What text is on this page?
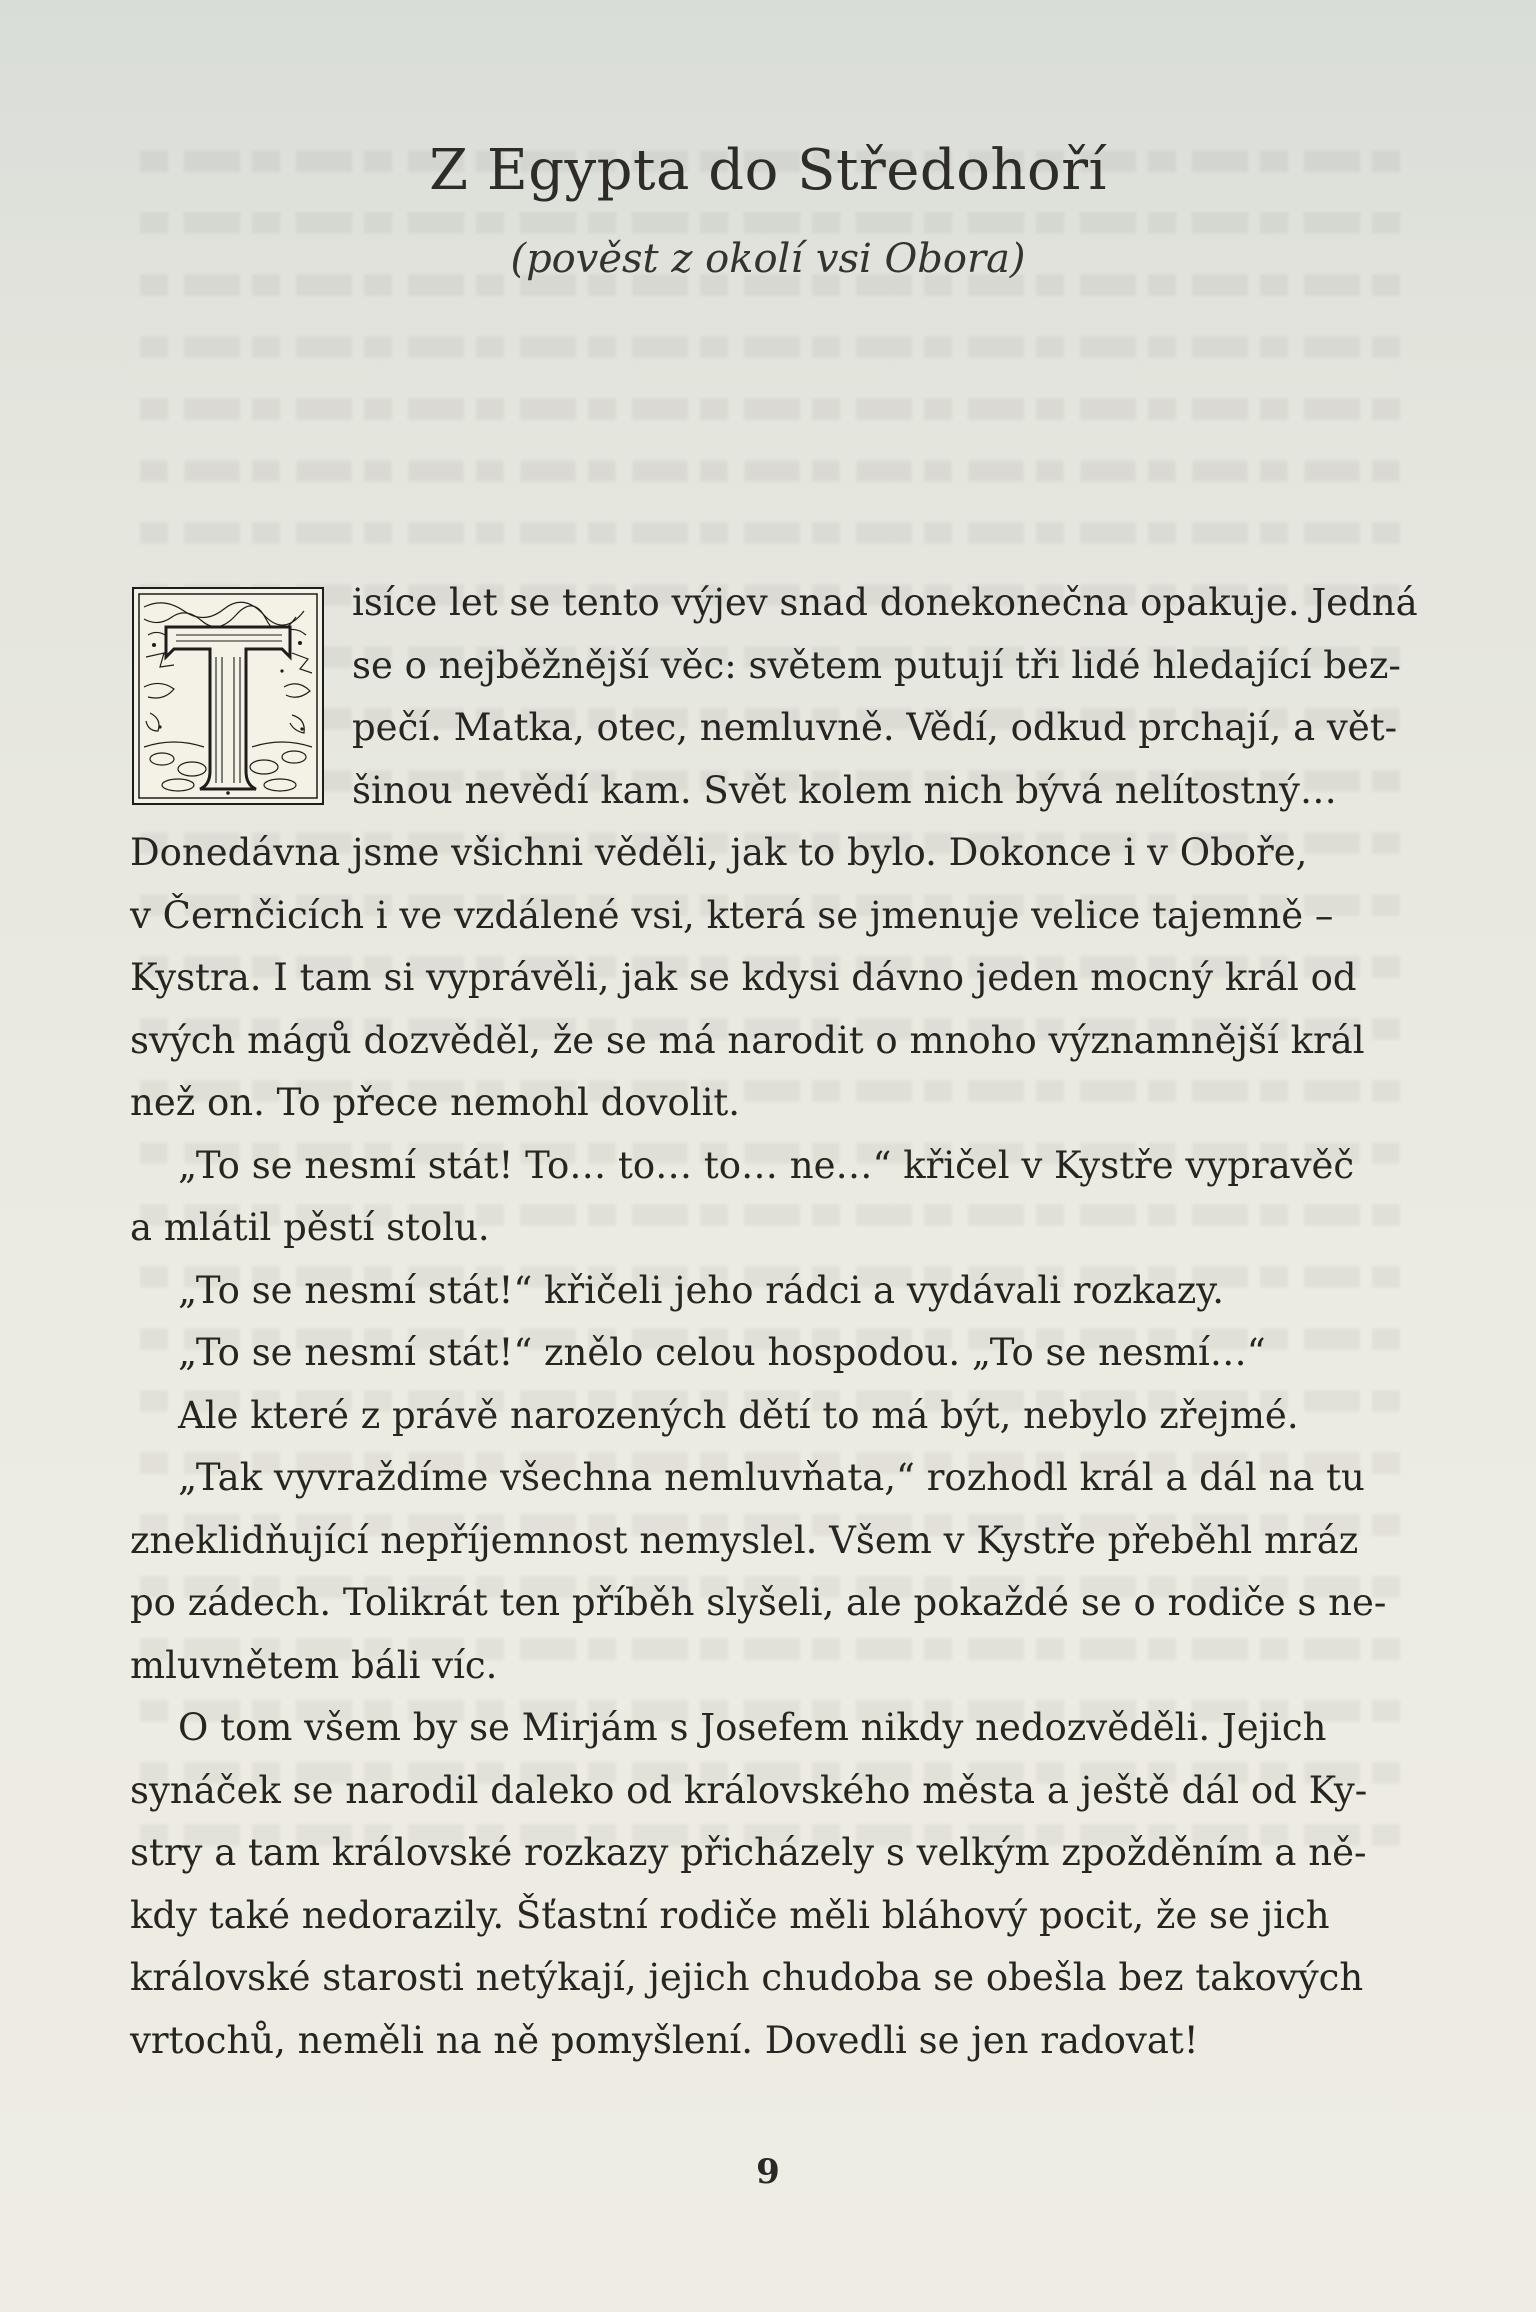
Z Egypta do Středohoří

(pověst z okolí vsi Obora)

isíce let se tento výjev snad donekonečna opakuje. Jedná
se o nejběžnější věc: světem putují tři lidé hledající bez-
pečí. Matka, otec, nemluvně. Vědí, odkud prchají, a vět-
šinou nevědí kam. Svět kolem nich bývá nelítostný…
Donedávna jsme všichni věděli, jak to bylo. Dokonce i v Oboře,
v Černčicích i ve vzdálené vsi, která se jmenuje velice tajemně –
Kystra. I tam si vyprávěli, jak se kdysi dávno jeden mocný král od
svých mágů dozvěděl, že se má narodit o mnoho významnější král
než on. To přece nemohl dovolit.
„To se nesmí stát! To… to… to… ne…“ křičel v Kystře vypravěč
a mlátil pěstí stolu.
„To se nesmí stát!“ křičeli jeho rádci a vydávali rozkazy.
„To se nesmí stát!“ znělo celou hospodou. „To se nesmí…“
Ale které z právě narozených dětí to má být, nebylo zřejmé.
„Tak vyvraždíme všechna nemluvňata,“ rozhodl král a dál na tu
zneklidňující nepříjemnost nemyslel. Všem v Kystře přeběhl mráz
po zádech. Tolikrát ten příběh slyšeli, ale pokaždé se o rodiče s ne-
mluvnětem báli víc.
O tom všem by se Mirjám s Josefem nikdy nedozvěděli. Jejich
synáček se narodil daleko od královského města a ještě dál od Ky-
stry a tam královské rozkazy přicházely s velkým zpožděním a ně-
kdy také nedorazily. Šťastní rodiče měli bláhový pocit, že se jich
královské starosti netýkají, jejich chudoba se obešla bez takových
vrtochů, neměli na ně pomyšlení. Dovedli se jen radovat!
9
